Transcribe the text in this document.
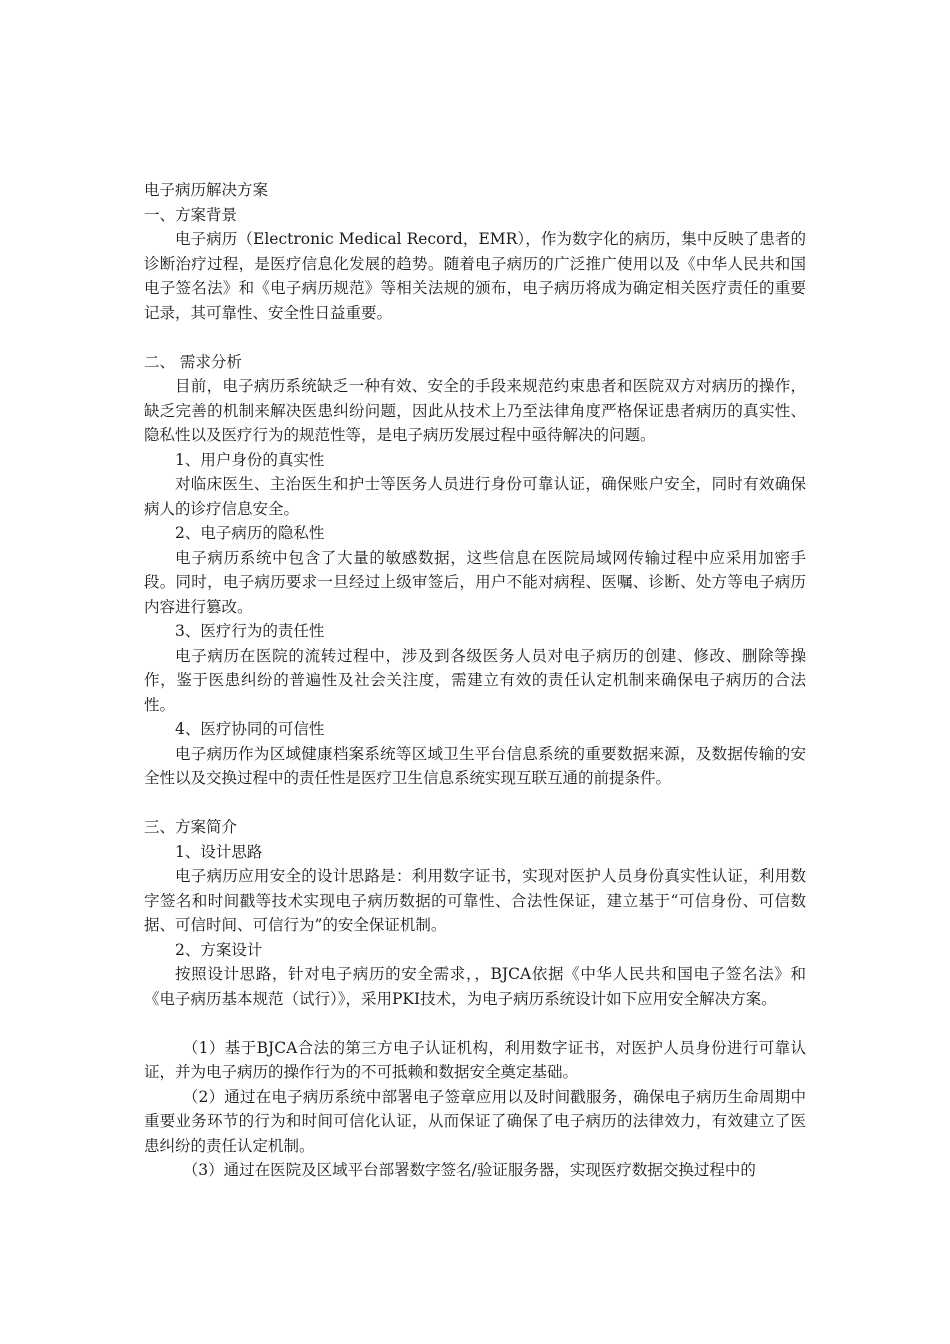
电子病历解决方案

一、方案背景

电子病历（Electronic Medical Record，EMR），作为数字化的病历，集中反映了患者的诊断治疗过程，是医疗信息化发展的趋势。随着电子病历的广泛推广使用以及《中华人民共和国电子签名法》和《电子病历规范》等相关法规的颁布，电子病历将成为确定相关医疗责任的重要记录，其可靠性、安全性日益重要。

二、 需求分析

目前，电子病历系统缺乏一种有效、安全的手段来规范约束患者和医院双方对病历的操作，缺乏完善的机制来解决医患纠纷问题，因此从技术上乃至法律角度严格保证患者病历的真实性、隐私性以及医疗行为的规范性等，是电子病历发展过程中亟待解决的问题。

1、用户身份的真实性

对临床医生、主治医生和护士等医务人员进行身份可靠认证，确保账户安全，同时有效确保病人的诊疗信息安全。

2、电子病历的隐私性

电子病历系统中包含了大量的敏感数据，这些信息在医院局域网传输过程中应采用加密手段。同时，电子病历要求一旦经过上级审签后，用户不能对病程、医嘱、诊断、处方等电子病历内容进行篡改。

3、医疗行为的责任性

电子病历在医院的流转过程中，涉及到各级医务人员对电子病历的创建、修改、删除等操作，鉴于医患纠纷的普遍性及社会关注度，需建立有效的责任认定机制来确保电子病历的合法性。

4、医疗协同的可信性

电子病历作为区域健康档案系统等区域卫生平台信息系统的重要数据来源，及数据传输的安全性以及交换过程中的责任性是医疗卫生信息系统实现互联互通的前提条件。

三、方案简介

1、设计思路

电子病历应用安全的设计思路是：利用数字证书，实现对医护人员身份真实性认证，利用数字签名和时间戳等技术实现电子病历数据的可靠性、合法性保证，建立基于“可信身份、可信数据、可信时间、可信行为”的安全保证机制。

2、方案设计

按照设计思路，针对电子病历的安全需求，，BJCA依据《中华人民共和国电子签名法》和《电子病历基本规范（试行）》，采用PKI技术，为电子病历系统设计如下应用安全解决方案。

（1）基于BJCA合法的第三方电子认证机构，利用数字证书，对医护人员身份进行可靠认证，并为电子病历的操作行为的不可抵赖和数据安全奠定基础。

（2）通过在电子病历系统中部署电子签章应用以及时间戳服务，确保电子病历生命周期中重要业务环节的行为和时间可信化认证，从而保证了确保了电子病历的法律效力，有效建立了医患纠纷的责任认定机制。

（3）通过在医院及区域平台部署数字签名/验证服务器，实现医疗数据交换过程中的
